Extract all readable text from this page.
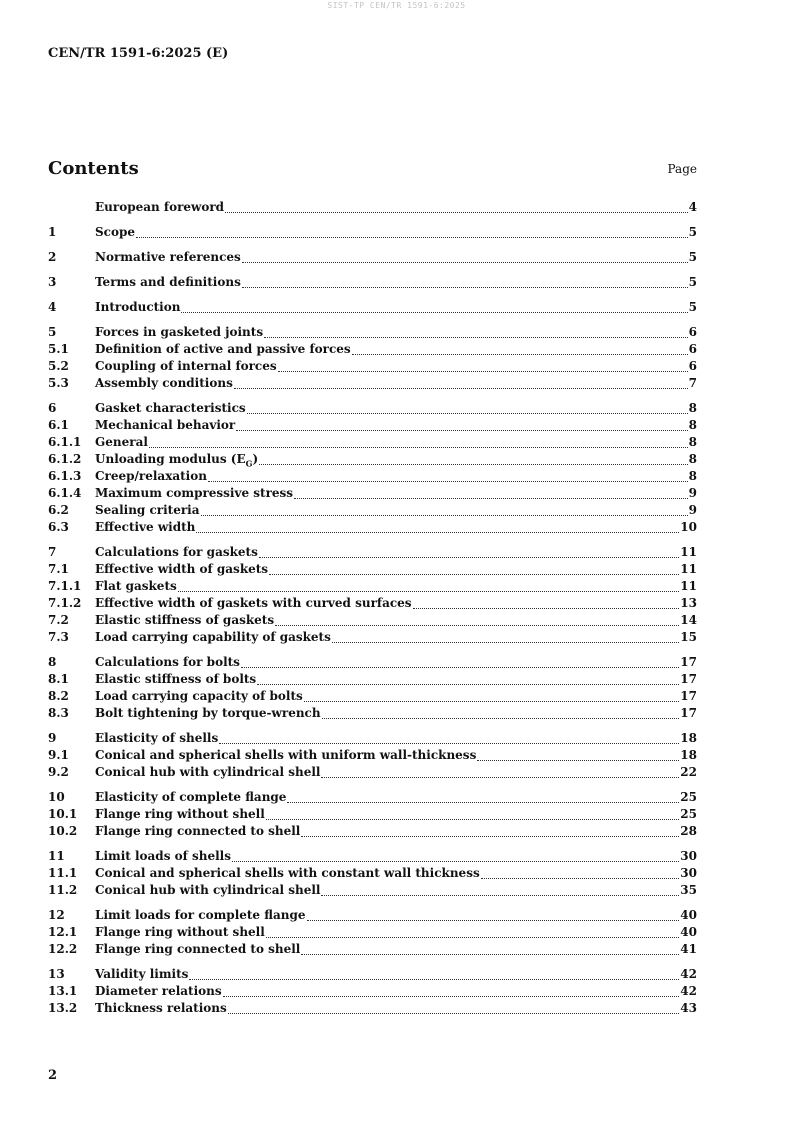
SIST-TP CEN/TR 1591-6:2025
CEN/TR 1591-6:2025 (E)
Contents	Page
European foreword	4
1	Scope	5
2	Normative references	5
3	Terms and definitions	5
4	Introduction	5
5	Forces in gasketed joints	6
5.1	Definition of active and passive forces	6
5.2	Coupling of internal forces	6
5.3	Assembly conditions	7
6	Gasket characteristics	8
6.1	Mechanical behavior	8
6.1.1	General	8
6.1.2	Unloading modulus $(E_G)$	8
6.1.3	Creep/relaxation	8
6.1.4	Maximum compressive stress	9
6.2	Sealing criteria	9
6.3	Effective width	10
7	Calculations for gaskets	11
7.1	Effective width of gaskets	11
7.1.1	Flat gaskets	11
7.1.2	Effective width of gaskets with curved surfaces	13
7.2	Elastic stiffness of gaskets	14
7.3	Load carrying capability of gaskets	15
8	Calculations for bolts	17
8.1	Elastic stiffness of bolts	17
8.2	Load carrying capacity of bolts	17
8.3	Bolt tightening by torque-wrench	17
9	Elasticity of shells	18
9.1	Conical and spherical shells with uniform wall-thickness	18
9.2	Conical hub with cylindrical shell	22
10	Elasticity of complete flange	25
10.1	Flange ring without shell	25
10.2	Flange ring connected to shell	28
11	Limit loads of shells	30
11.1	Conical and spherical shells with constant wall thickness	30
11.2	Conical hub with cylindrical shell	35
12	Limit loads for complete flange	40
12.1	Flange ring without shell	40
12.2	Flange ring connected to shell	41
13	Validity limits	42
13.1	Diameter relations	42
13.2	Thickness relations	43
2
